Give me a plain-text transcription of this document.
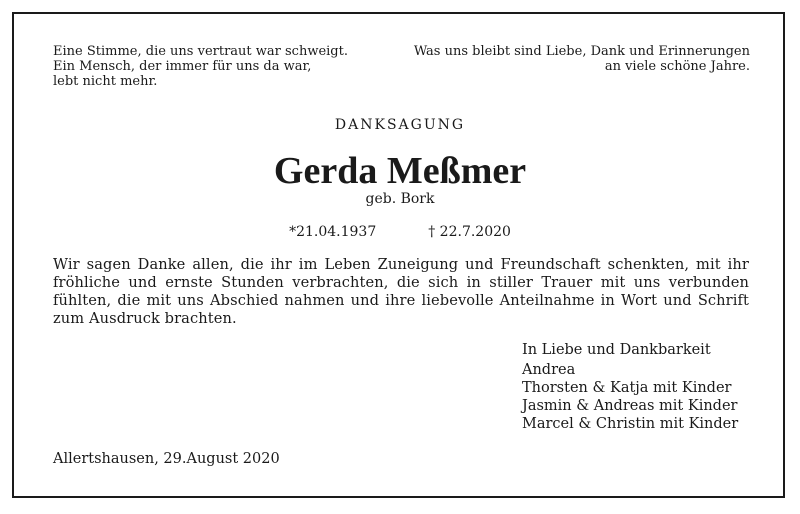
Eine Stimme, die uns vertraut war schweigt.
Ein Mensch, der immer für uns da war,
lebt nicht mehr.
Was uns bleibt sind Liebe, Dank und Erinnerungen
an viele schöne Jahre.
DANKSAGUNG
Gerda Meßmer
geb. Bork
*21.04.1937	† 22.7.2020
Wir sagen Danke allen, die ihr im Leben Zuneigung und Freundschaft schenkten, mit ihr fröhliche und ernste Stunden verbrachten, die sich in stiller Trauer mit uns verbunden fühlten, die mit uns Abschied nahmen und ihre liebevolle Anteilnahme in Wort und Schrift zum Ausdruck brachten.
In Liebe und Dankbarkeit
Andrea
Thorsten & Katja mit Kinder
Jasmin & Andreas mit Kinder
Marcel & Christin mit Kinder
Allertshausen, 29.August 2020
